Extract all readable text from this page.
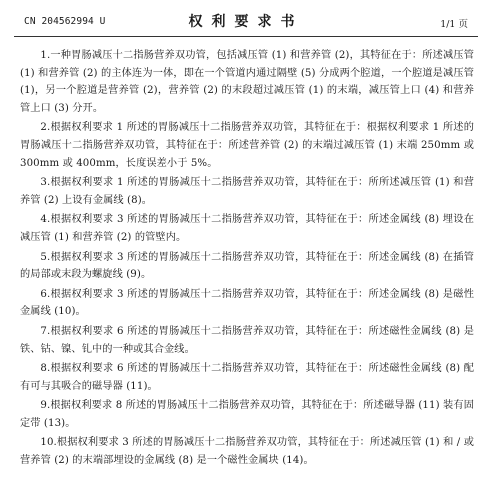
CN 204562994 U	权利要求书	1/1 页

1.一种胃肠减压十二指肠营养双功管，包括减压管 (1) 和营养管 (2)，其特征在于：所述减压管 (1) 和营养管 (2) 的主体连为一体，即在一个管道内通过隔壁 (5) 分成两个腔道，一个腔道是减压管 (1)，另一个腔道是营养管 (2)，营养管 (2) 的末段超过减压管 (1) 的末端，减压管上口 (4) 和营养管上口 (3) 分开。

2.根据权利要求 1 所述的胃肠减压十二指肠营养双功管，其特征在于：根据权利要求 1 所述的胃肠减压十二指肠营养双功管，其特征在于：所述营养管 (2) 的末端过减压管 (1) 末端 250mm 或 300mm 或 400mm，长度误差小于 5%。

3.根据权利要求 1 所述的胃肠减压十二指肠营养双功管，其特征在于：所所述减压管 (1) 和营养管 (2) 上设有金属线 (8)。

4.根据权利要求 3 所述的胃肠减压十二指肠营养双功管，其特征在于：所述金属线 (8) 埋设在减压管 (1) 和营养管 (2) 的管壁内。

5.根据权利要求 3 所述的胃肠减压十二指肠营养双功管，其特征在于：所述金属线 (8) 在插管的局部或末段为螺旋线 (9)。

6.根据权利要求 3 所述的胃肠减压十二指肠营养双功管，其特征在于：所述金属线 (8) 是磁性金属线 (10)。

7.根据权利要求 6 所述的胃肠减压十二指肠营养双功管，其特征在于：所述磁性金属线 (8) 是铁、钴、镍、钆中的一种或其合金线。

8.根据权利要求 6 所述的胃肠减压十二指肠营养双功管，其特征在于：所述磁性金属线 (8) 配有可与其吸合的磁导器 (11)。

9.根据权利要求 8 所述的胃肠减压十二指肠营养双功管，其特征在于：所述磁导器 (11) 装有固定带 (13)。

10.根据权利要求 3 所述的胃肠减压十二指肠营养双功管，其特征在于：所述减压管 (1) 和 / 或营养管 (2) 的末端部埋设的金属线 (8) 是一个磁性金属块 (14)。
